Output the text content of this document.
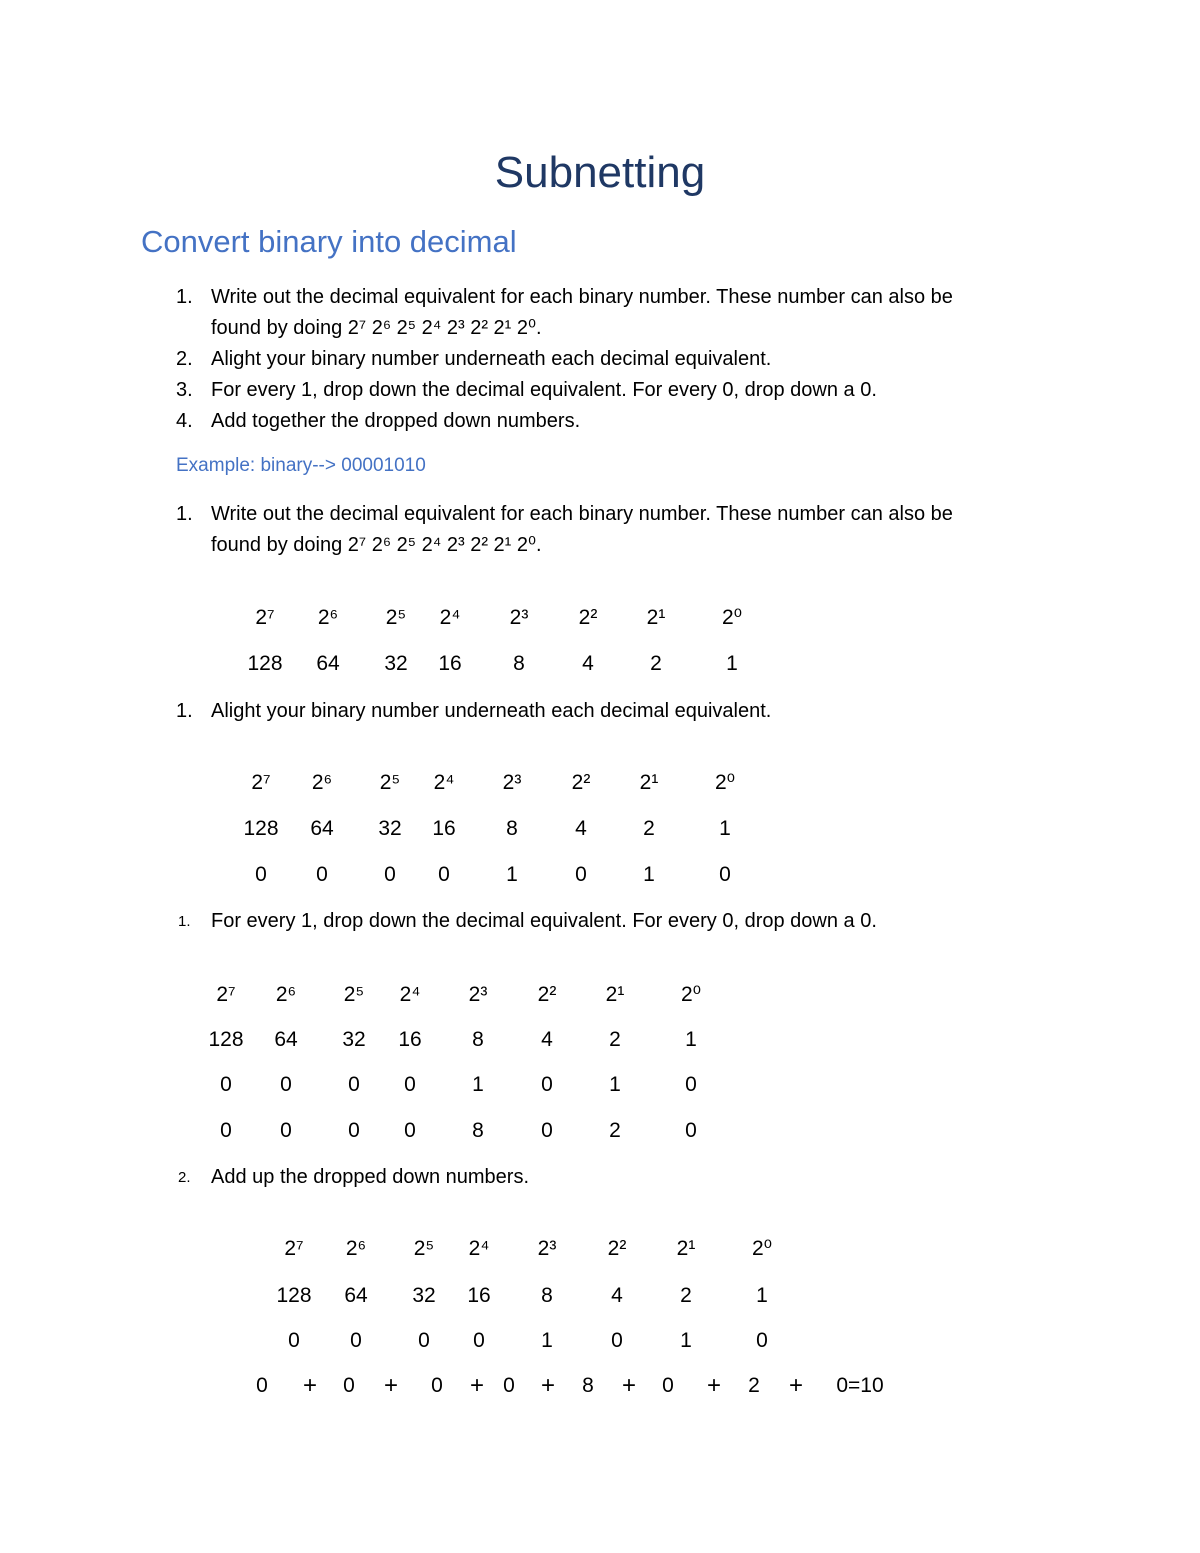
Subnetting
Convert binary into decimal
1. Write out the decimal equivalent for each binary number. These number can also be
found by doing 2⁷ 2⁶ 2⁵ 2⁴ 2³ 2² 2¹ 2⁰.
2. Alight your binary number underneath each decimal equivalent.
3. For every 1, drop down the decimal equivalent. For every 0, drop down a 0.
4. Add together the dropped down numbers.
Example: binary--> 00001010
1. Write out the decimal equivalent for each binary number. These number can also be
found by doing 2⁷ 2⁶ 2⁵ 2⁴ 2³ 2² 2¹ 2⁰.
1. Alight your binary number underneath each decimal equivalent.
1. For every 1, drop down the decimal equivalent. For every 0, drop down a 0.
2. Add up the dropped down numbers.
2⁷ 2⁶ 2⁵ 2⁴ 2³ 2² 2¹	2⁰
128 64 32 16 8	4	2	1
2⁷ 2⁶ 2⁵ 2⁴ 2³ 2² 2¹	2⁰
128 64 32 16 8	4	2	1
0 0	0 0	1	0	1	0
2⁷ 2⁶ 2⁵ 2⁴ 2³ 2² 2¹	2⁰
128 64 32 16 8	4	2	1
0 0	0 0	1	0	1	0
0 0	0 0	8	0	2	0
2⁷ 2⁶ 2⁵ 2⁴ 2³ 2² 2¹	2⁰
128 64 32 16 8	4	2	1
0 0	0 0	1	0	1	0
0 + 0 + 0 + 0 + 8 + 0 + 2 + 0=10
